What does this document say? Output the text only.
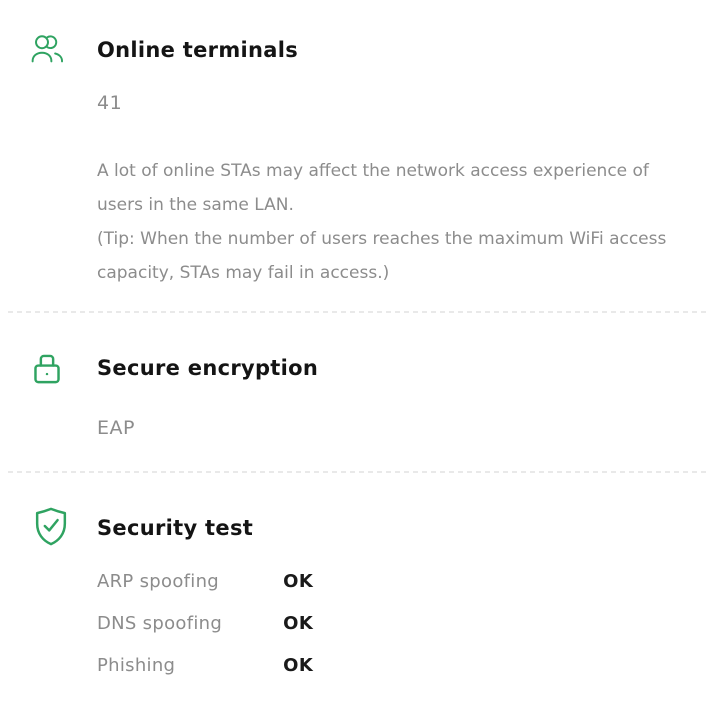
Online terminals
41

A lot of online STAs may affect the network access experience of users in the same LAN.

(Tip: When the number of users reaches the maximum WiFi access capacity, STAs may fail in access.)

Secure encryption
EAP
Security test
ARP spoofing	OK
DNS spoofing	OK
Phishing	OK
